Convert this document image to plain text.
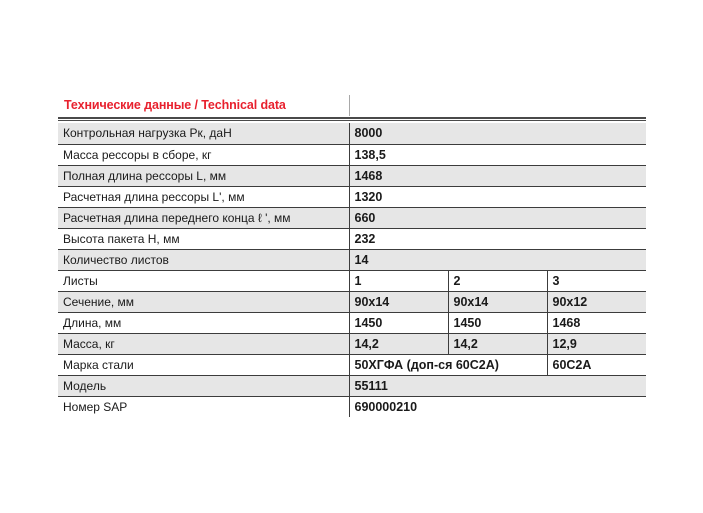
Технические данные / Technical data
Контрольная нагрузка Рк, даН	8000		
Масса рессоры в сборе, кг	138,5		
Полная длина рессоры L, мм	1468		
Расчетная длина рессоры L', мм	1320		
Расчетная длина переднего конца ℓ ', мм	660		
Высота пакета Н, мм	232		
Количество листов	14		
Листы	1	2	3
Сечение, мм	90x14	90x14	90x12
Длина, мм	1450	1450	1468
Масса, кг	14,2	14,2	12,9
Марка стали	50ХГФА (доп-ся 60С2А)		60С2А
Модель	55111		
Номер SAP	690000210		
